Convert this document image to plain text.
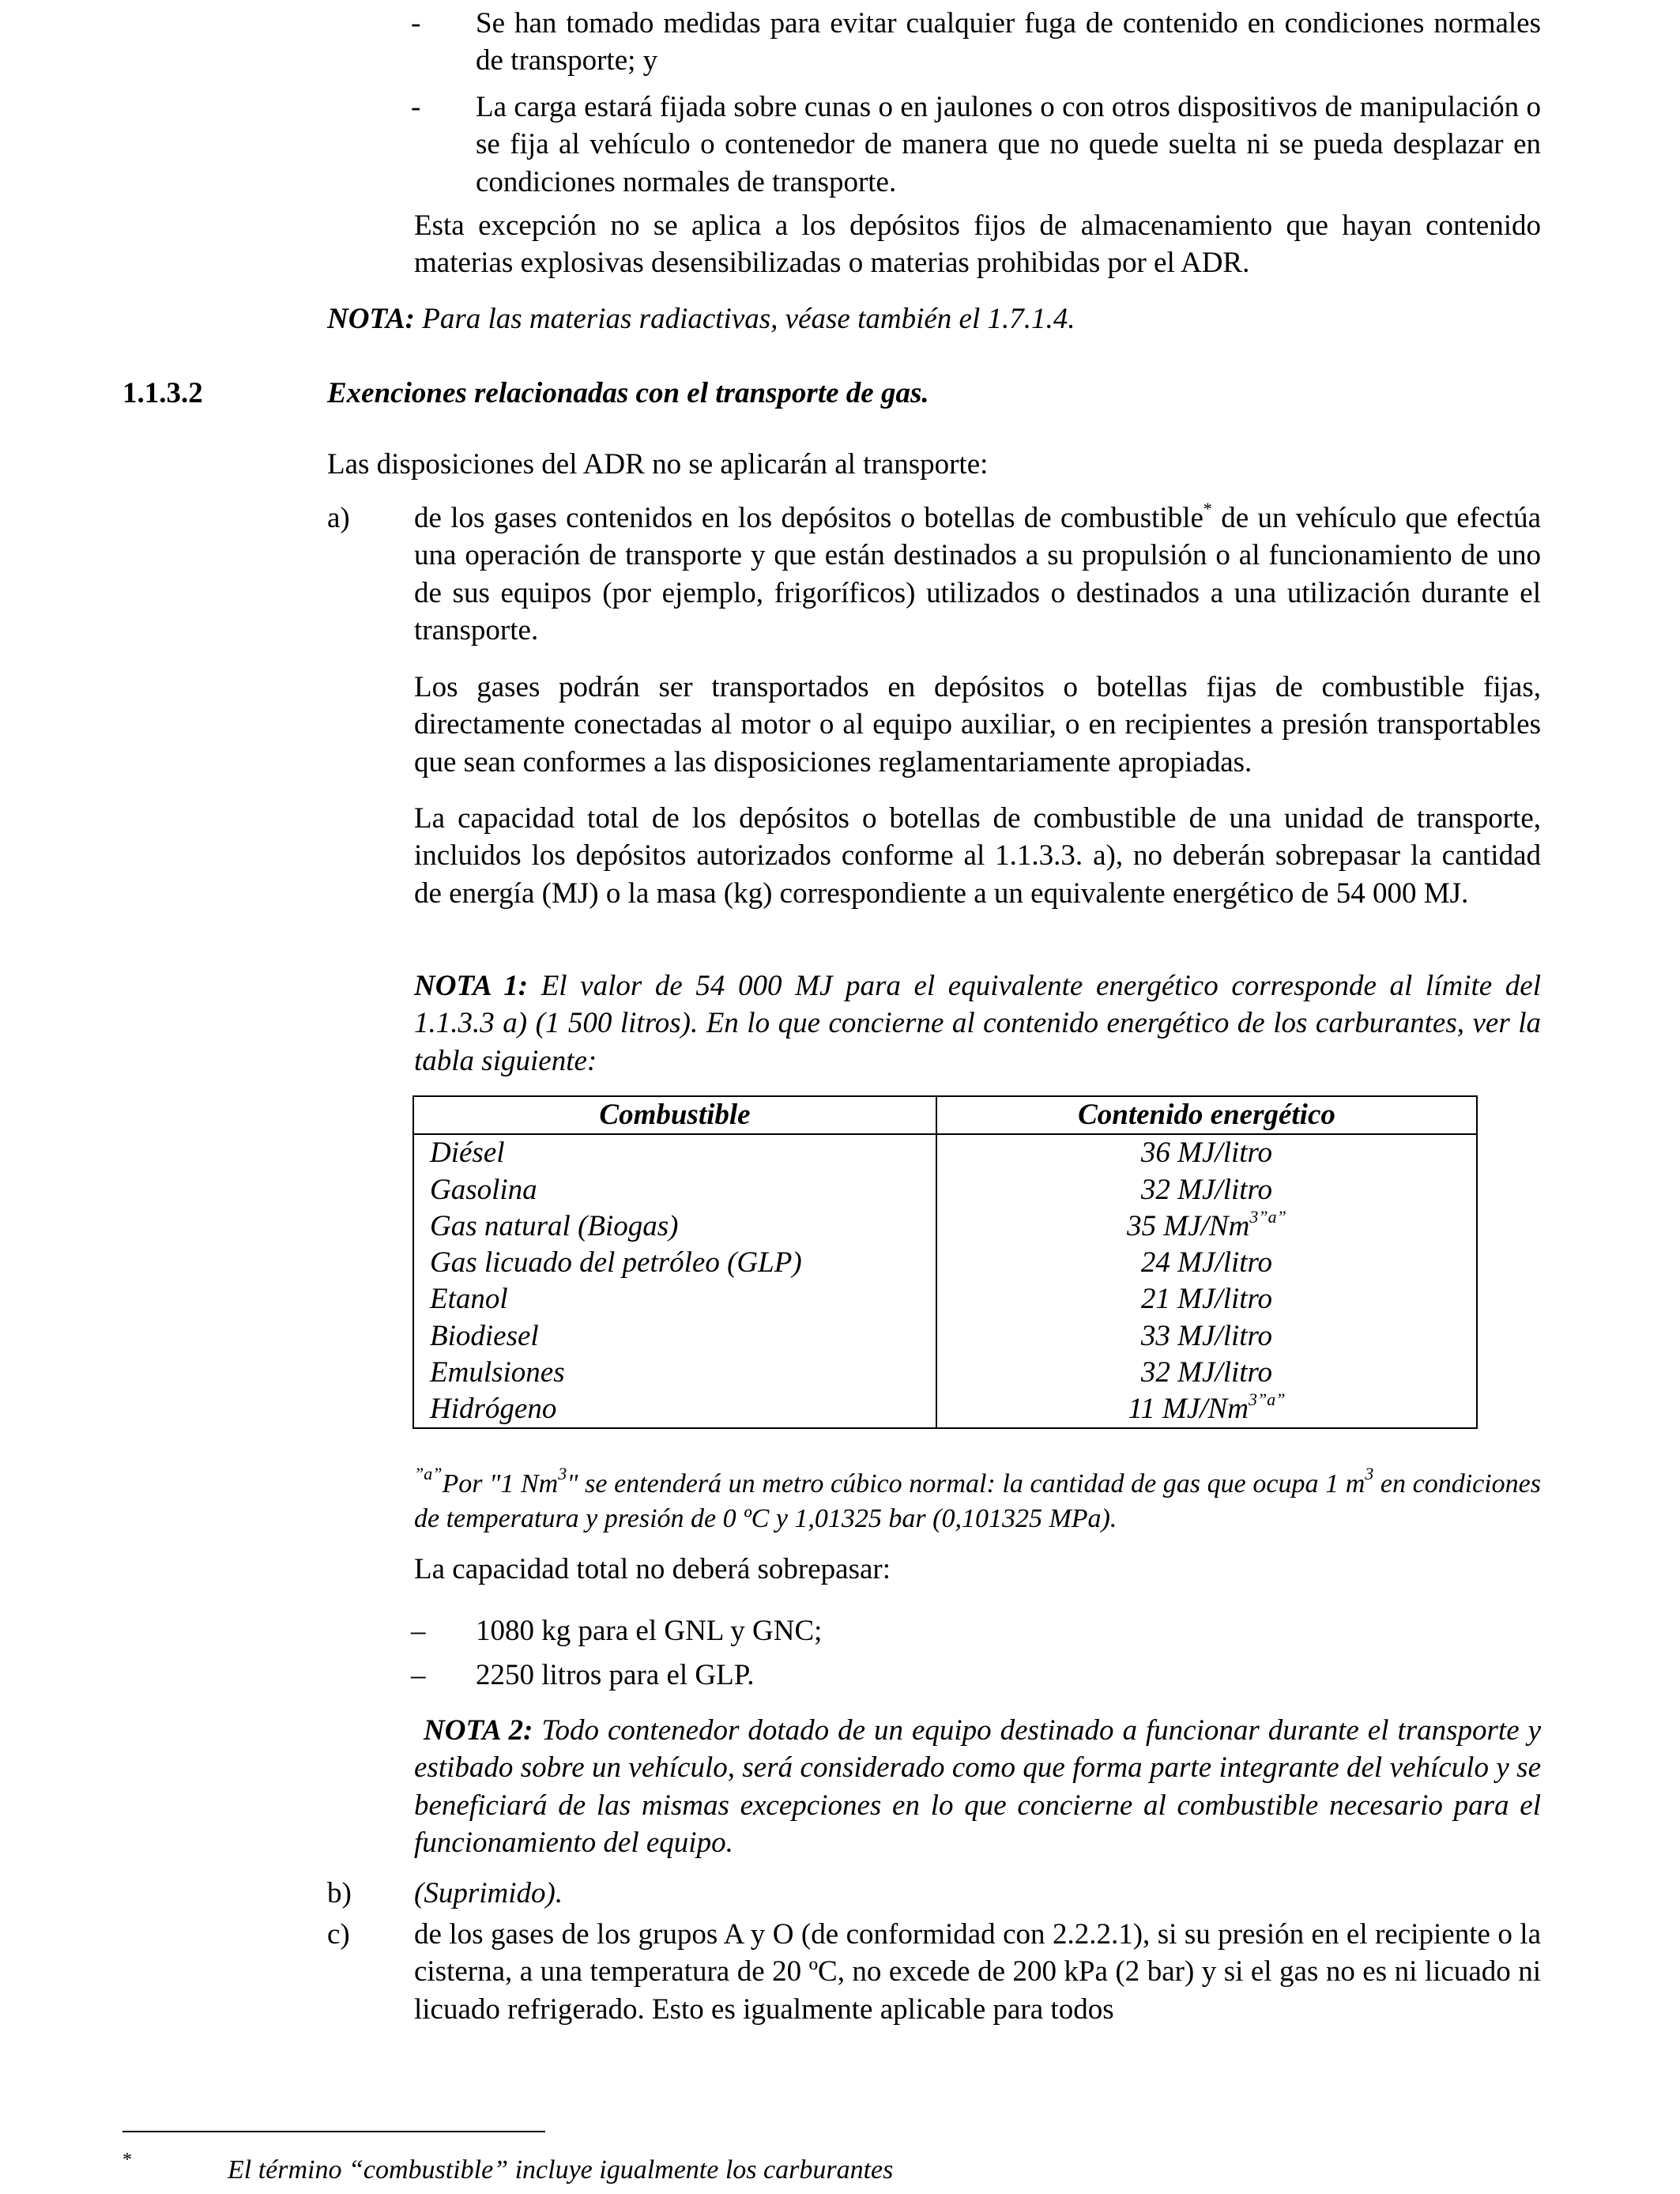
- Se han tomado medidas para evitar cualquier fuga de contenido en condiciones normales de transporte; y
- La carga estará fijada sobre cunas o en jaulones o con otros dispositivos de manipulación o se fija al vehículo o contenedor de manera que no quede suelta ni se pueda desplazar en condiciones normales de transporte.
Esta excepción no se aplica a los depósitos fijos de almacenamiento que hayan contenido materias explosivas desensibilizadas o materias prohibidas por el ADR.
NOTA: Para las materias radiactivas, véase también el 1.7.1.4.
1.1.3.2	Exenciones relacionadas con el transporte de gas.
Las disposiciones del ADR no se aplicarán al transporte:
a) de los gases contenidos en los depósitos o botellas de combustible* de un vehículo que efectúa una operación de transporte y que están destinados a su propulsión o al funcionamiento de uno de sus equipos (por ejemplo, frigoríficos) utilizados o destinados a una utilización durante el transporte.
Los gases podrán ser transportados en depósitos o botellas fijas de combustible fijas, directamente conectadas al motor o al equipo auxiliar, o en recipientes a presión transportables que sean conformes a las disposiciones reglamentariamente apropiadas.
La capacidad total de los depósitos o botellas de combustible de una unidad de transporte, incluidos los depósitos autorizados conforme al 1.1.3.3. a), no deberán sobrepasar la cantidad de energía (MJ) o la masa (kg) correspondiente a un equivalente energético de 54 000 MJ.
NOTA 1: El valor de 54 000 MJ para el equivalente energético corresponde al límite del 1.1.3.3 a) (1 500 litros). En lo que concierne al contenido energético de los carburantes, ver la tabla siguiente:
Combustible	Contenido energético
Diésel	36 MJ/litro
Gasolina	32 MJ/litro
Gas natural (Biogas)	35 $MJ/Nm^{3”a”}$
Gas licuado del petróleo (GLP)	24 MJ/litro
Etanol	21 MJ/litro
Biodiesel	33 MJ/litro
Emulsiones	32 MJ/litro
Hidrógeno	11 $MJ/Nm^{3”a”}$
$^{”a”}$Por "1 Nm$^3$" se entenderá un metro cúbico normal: la cantidad de gas que ocupa 1 $m^3$ en condiciones de temperatura y presión de 0 ºC y 1,01325 bar (0,101325 MPa).
La capacidad total no deberá sobrepasar:
– 1080 kg para el GNL y GNC;
– 2250 litros para el GLP.
NOTA 2: Todo contenedor dotado de un equipo destinado a funcionar durante el transporte y estibado sobre un vehículo, será considerado como que forma parte integrante del vehículo y se beneficiará de las mismas excepciones en lo que concierne al combustible necesario para el funcionamiento del equipo.
b) (Suprimido).
c) de los gases de los grupos A y O (de conformidad con 2.2.2.1), si su presión en el recipiente o la cisterna, a una temperatura de 20 ºC, no excede de 200 kPa (2 bar) y si el gas no es ni licuado ni licuado refrigerado. Esto es igualmente aplicable para todos
*	El término “combustible” incluye igualmente los carburantes
